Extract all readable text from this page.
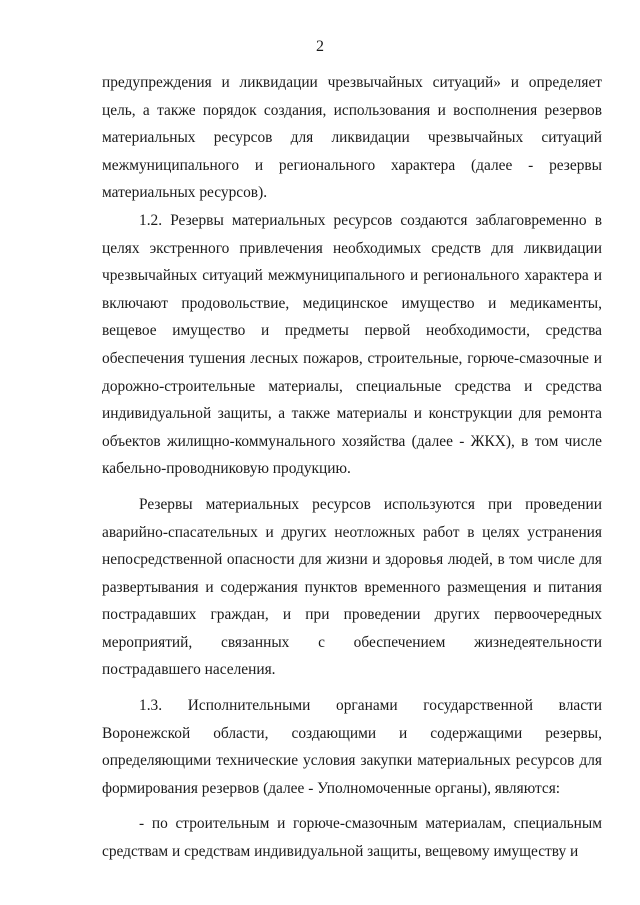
2

предупреждения и ликвидации чрезвычайных ситуаций» и определяет цель, а также порядок создания, использования и восполнения резервов материальных ресурсов для ликвидации чрезвычайных ситуаций межмуниципального и регионального характера (далее - резервы материальных ресурсов).

1.2. Резервы материальных ресурсов создаются заблаговременно в целях экстренного привлечения необходимых средств для ликвидации чрезвычайных ситуаций межмуниципального и регионального характера и включают продовольствие, медицинское имущество и медикаменты, вещевое имущество и предметы первой необходимости, средства обеспечения тушения лесных пожаров, строительные, горюче-смазочные и дорожно-строительные материалы, специальные средства и средства индивидуальной защиты, а также материалы и конструкции для ремонта объектов жилищно-коммунального хозяйства (далее - ЖКХ), в том числе кабельно-проводниковую продукцию.

Резервы материальных ресурсов используются при проведении аварийно-спасательных и других неотложных работ в целях устранения непосредственной опасности для жизни и здоровья людей, в том числе для развертывания и содержания пунктов временного размещения и питания пострадавших граждан, и при проведении других первоочередных мероприятий, связанных с обеспечением жизнедеятельности пострадавшего населения.

1.3. Исполнительными органами государственной власти Воронежской области, создающими и содержащими резервы, определяющими технические условия закупки материальных ресурсов для формирования резервов (далее - Уполномоченные органы), являются:

- по строительным и горюче-смазочным материалам, специальным средствам и средствам индивидуальной защиты, вещевому имуществу и
